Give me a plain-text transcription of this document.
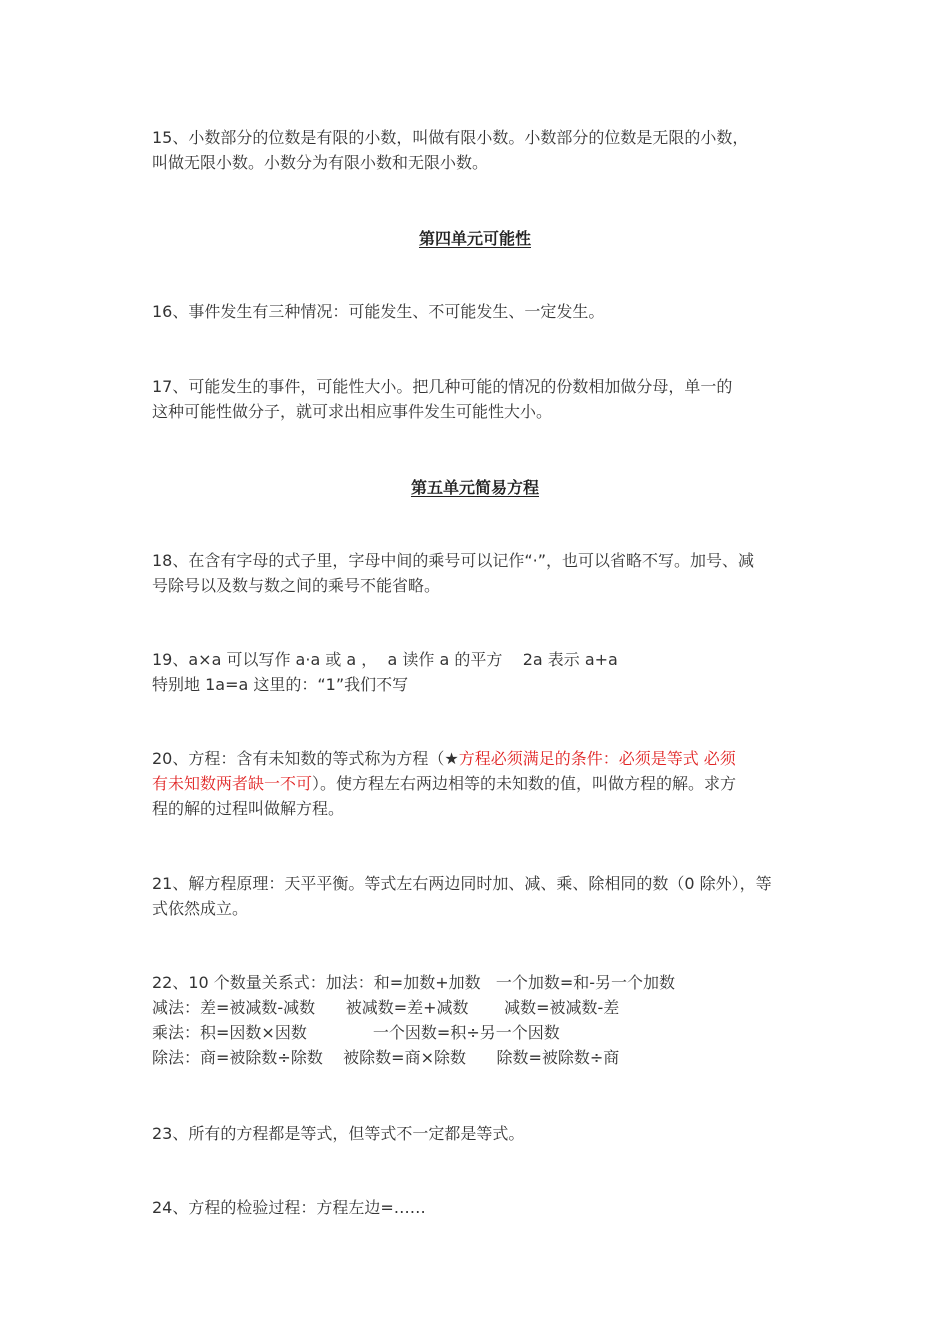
15、小数部分的位数是有限的小数，叫做有限小数。小数部分的位数是无限的小数，
叫做无限小数。小数分为有限小数和无限小数。
第四单元可能性
16、事件发生有三种情况：可能发生、不可能发生、一定发生。
17、可能发生的事件，可能性大小。把几种可能的情况的份数相加做分母，单一的
这种可能性做分子，就可求出相应事件发生可能性大小。
第五单元简易方程
18、在含有字母的式子里，字母中间的乘号可以记作“·”，也可以省略不写。加号、减
号除号以及数与数之间的乘号不能省略。
19、a×a 可以写作 a·a 或 a ，  a 读作 a 的平方    2a 表示 a+a
特别地 1a=a 这里的：“1”我们不写
20、方程：含有未知数的等式称为方程（★方程必须满足的条件：必须是等式 必须
有未知数两者缺一不可）。使方程左右两边相等的未知数的值，叫做方程的解。求方
程的解的过程叫做解方程。
21、解方程原理：天平平衡。等式左右两边同时加、减、乘、除相同的数（0 除外），等
式依然成立。
22、10 个数量关系式：加法：和=加数+加数   一个加数=和-另一个加数
减法：差=被减数-减数      被减数=差+减数       减数=被减数-差
乘法：积=因数×因数             一个因数=积÷另一个因数
除法：商=被除数÷除数    被除数=商×除数      除数=被除数÷商
23、所有的方程都是等式，但等式不一定都是等式。
24、方程的检验过程：方程左边=……
